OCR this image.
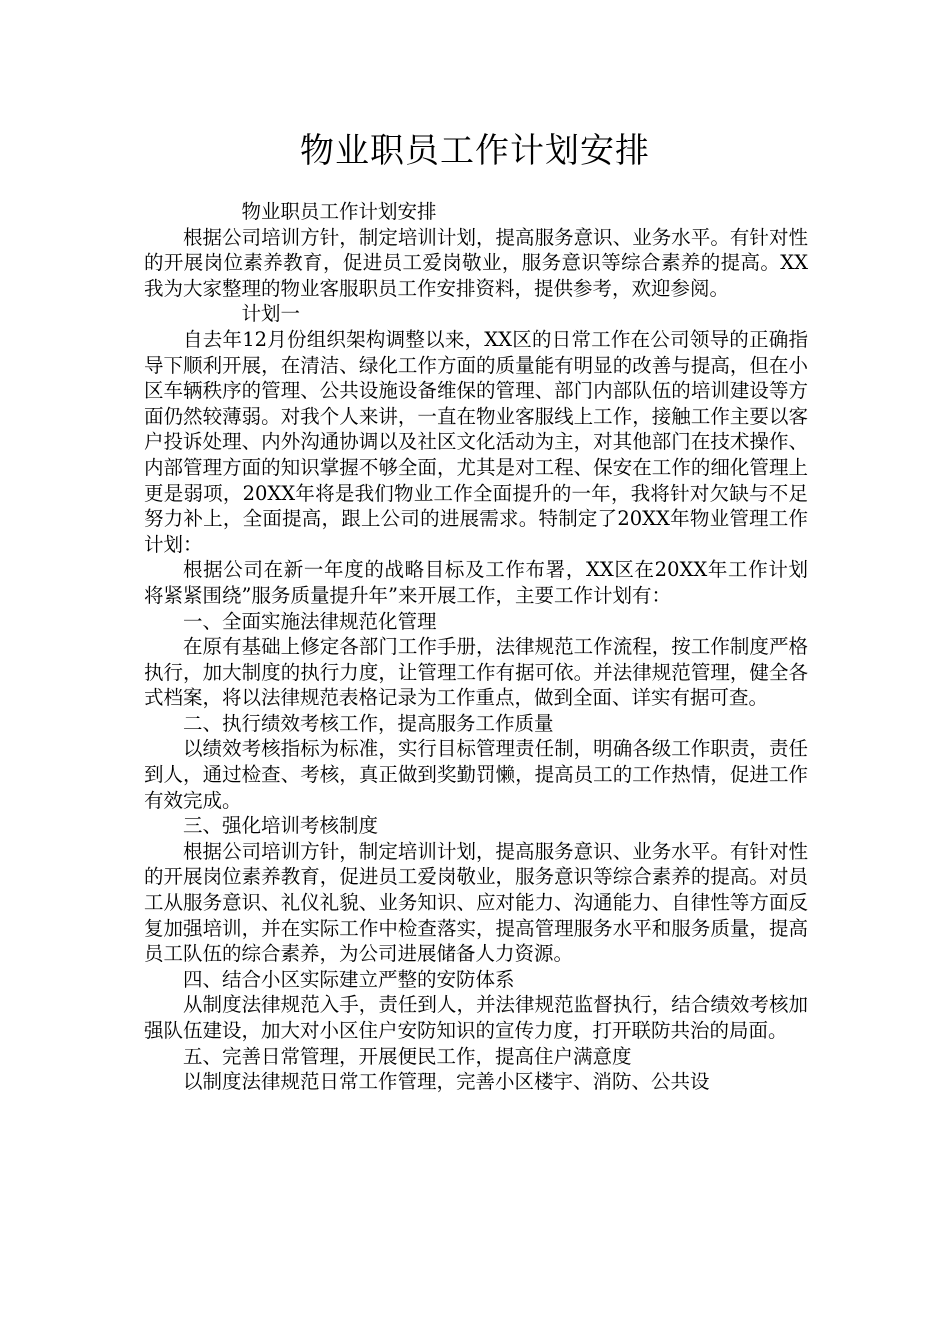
物业职员工作计划安排

物业职员工作计划安排

根据公司培训方针，制定培训计划，提高服务意识、业务水平。有针对性的开展岗位素养教育，促进员工爱岗敬业，服务意识等综合素养的提高。XX我为大家整理的物业客服职员工作安排资料，提供参考，欢迎参阅。

计划一

自去年12月份组织架构调整以来，XX区的日常工作在公司领导的正确指导下顺利开展，在清洁、绿化工作方面的质量能有明显的改善与提高，但在小区车辆秩序的管理、公共设施设备维保的管理、部门内部队伍的培训建设等方面仍然较薄弱。对我个人来讲，一直在物业客服线上工作，接触工作主要以客户投诉处理、内外沟通协调以及社区文化活动为主，对其他部门在技术操作、内部管理方面的知识掌握不够全面，尤其是对工程、保安在工作的细化管理上更是弱项，20XX年将是我们物业工作全面提升的一年，我将针对欠缺与不足努力补上，全面提高，跟上公司的进展需求。特制定了20XX年物业管理工作计划：

根据公司在新一年度的战略目标及工作布署，XX区在20XX年工作计划将紧紧围绕”服务质量提升年”来开展工作，主要工作计划有：

一、全面实施法律规范化管理

在原有基础上修定各部门工作手册，法律规范工作流程，按工作制度严格执行，加大制度的执行力度，让管理工作有据可依。并法律规范管理，健全各式档案，将以法律规范表格记录为工作重点，做到全面、详实有据可查。

二、执行绩效考核工作，提高服务工作质量

以绩效考核指标为标准，实行目标管理责任制，明确各级工作职责，责任到人，通过检查、考核，真正做到奖勤罚懒，提高员工的工作热情，促进工作有效完成。

三、强化培训考核制度

根据公司培训方针，制定培训计划，提高服务意识、业务水平。有针对性的开展岗位素养教育，促进员工爱岗敬业，服务意识等综合素养的提高。对员工从服务意识、礼仪礼貌、业务知识、应对能力、沟通能力、自律性等方面反复加强培训，并在实际工作中检查落实，提高管理服务水平和服务质量，提高员工队伍的综合素养，为公司进展储备人力资源。

四、结合小区实际建立严整的安防体系

从制度法律规范入手，责任到人，并法律规范监督执行，结合绩效考核加强队伍建设，加大对小区住户安防知识的宣传力度，打开联防共治的局面。

五、完善日常管理，开展便民工作，提高住户满意度

以制度法律规范日常工作管理，完善小区楼宇、消防、公共设
